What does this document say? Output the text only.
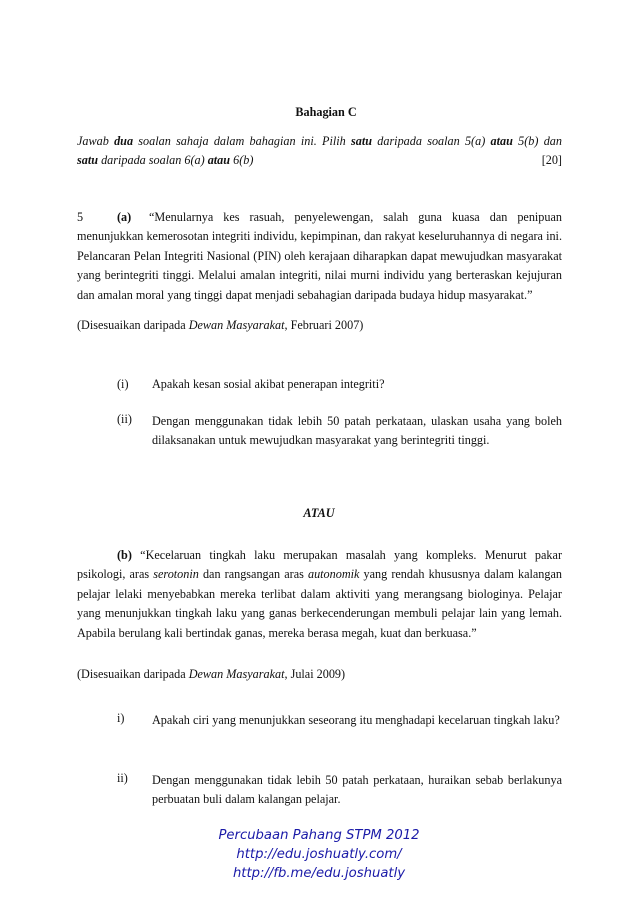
Bahagian C
Jawab dua soalan sahaja dalam bahagian ini. Pilih satu daripada soalan 5(a) atau 5(b) dan
satu daripada soalan 6(a) atau 6(b)	[20]
5	(a) “Menularnya kes rasuah, penyelewengan, salah guna kuasa dan penipuan menunjukkan kemerosotan integriti individu, kepimpinan, dan rakyat keseluruhannya di negara ini. Pelancaran Pelan Integriti Nasional (PIN) oleh kerajaan diharapkan dapat mewujudkan masyarakat yang berintegriti tinggi. Melalui amalan integriti, nilai murni individu yang berteraskan kejujuran dan amalan moral yang tinggi dapat menjadi sebahagian daripada budaya hidup masyarakat.”
(Disesuaikan daripada Dewan Masyarakat, Februari 2007)
(i) Apakah kesan sosial akibat penerapan integriti?
(ii) Dengan menggunakan tidak lebih 50 patah perkataan, ulaskan usaha yang boleh dilaksanakan untuk mewujudkan masyarakat yang berintegriti tinggi.
ATAU
(b) “Kecelaruan tingkah laku merupakan masalah yang kompleks. Menurut pakar psikologi, aras serotonin dan rangsangan aras autonomik yang rendah khususnya dalam kalangan pelajar lelaki menyebabkan mereka terlibat dalam aktiviti yang merangsang biologinya. Pelajar yang menunjukkan tingkah laku yang ganas berkecenderungan membuli pelajar lain yang lemah. Apabila berulang kali bertindak ganas, mereka berasa megah, kuat dan berkuasa.”
(Disesuaikan daripada Dewan Masyarakat, Julai 2009)
i) Apakah ciri yang menunjukkan seseorang itu menghadapi kecelaruan tingkah laku?
ii) Dengan menggunakan tidak lebih 50 patah perkataan, huraikan sebab berlakunya perbuatan buli dalam kalangan pelajar.
Percubaan Pahang STPM 2012
http://edu.joshuatly.com/
http://fb.me/edu.joshuatly
